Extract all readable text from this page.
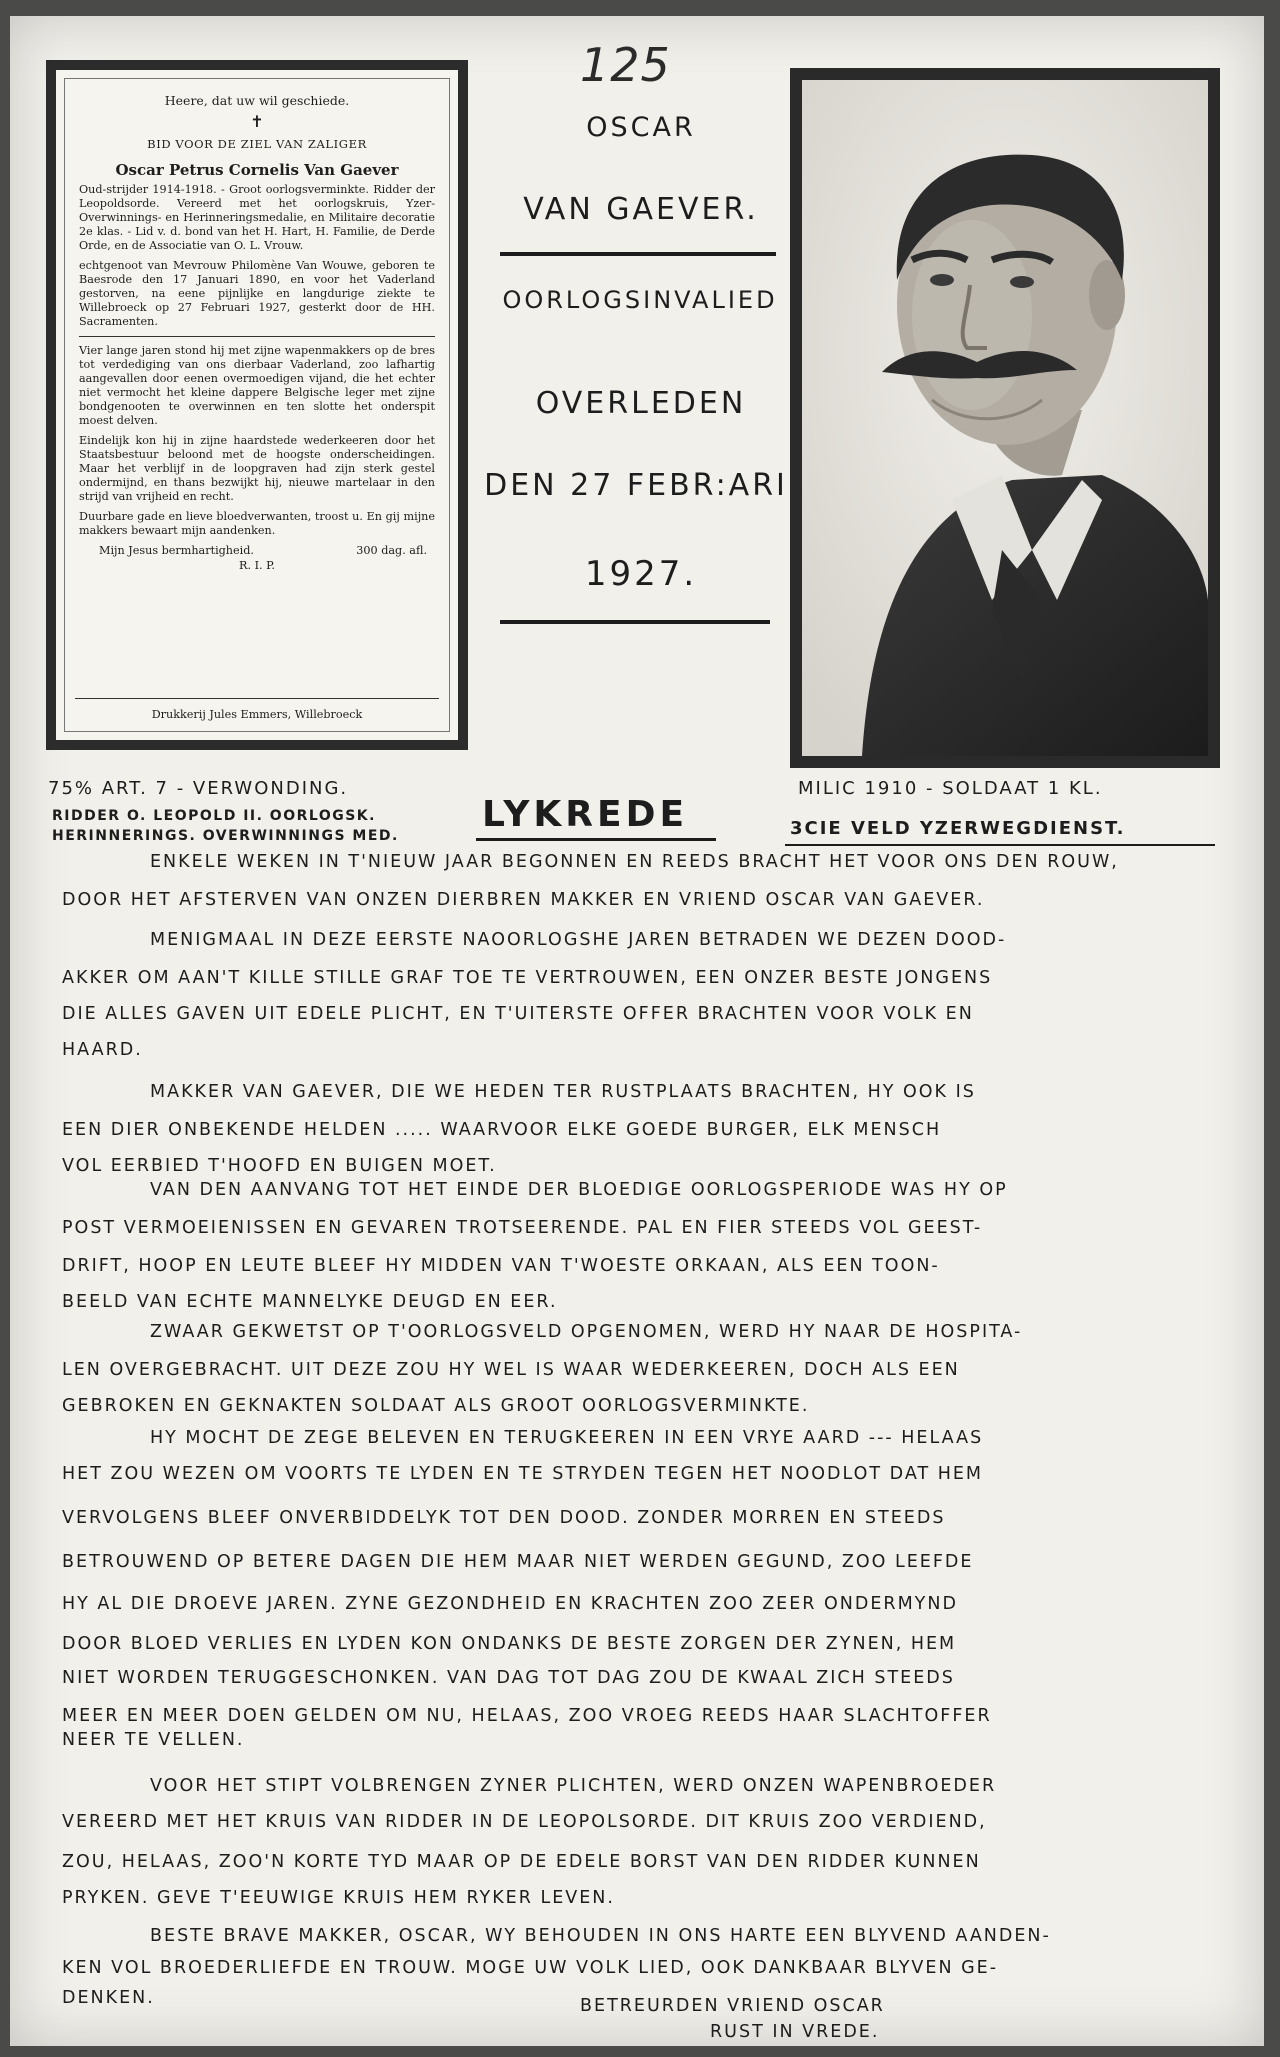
125
Heere, dat uw wil geschiede.
✝
BID VOOR DE ZIEL VAN ZALIGER
Oscar Petrus Cornelis Van Gaever
Oud-strijder 1914-1918. - Groot oorlogsverminkte. Ridder der Leopoldsorde. Vereerd met het oorlogskruis, Yzer- Overwinnings- en Herinneringsmedalie, en Militaire decoratie 2e klas. - Lid v. d. bond van het H. Hart, H. Familie, de Derde Orde, en de Associatie van O. L. Vrouw.
echtgenoot van Mevrouw Philomène Van Wouwe, geboren te Baesrode den 17 Januari 1890, en voor het Vaderland gestorven, na eene pijnlijke en langdurige ziekte te Willebroeck op 27 Februari 1927, gesterkt door de HH. Sacramenten.
Vier lange jaren stond hij met zijne wapenmakkers op de bres tot verdediging van ons dierbaar Vaderland, zoo lafhartig aangevallen door eenen overmoedigen vijand, die het echter niet vermocht het kleine dappere Belgische leger met zijne bondgenooten te overwinnen en ten slotte het onderspit moest delven.
Eindelijk kon hij in zijne haardstede wederkeeren door het Staatsbestuur beloond met de hoogste onderscheidingen. Maar het verblijf in de loopgraven had zijn sterk gestel ondermijnd, en thans bezwijkt hij, nieuwe martelaar in den strijd van vrijheid en recht.
Duurbare gade en lieve bloedverwanten, troost u. En gij mijne makkers bewaart mijn aandenken.
Mijn Jesus bermhartigheid.	300 dag. afl.
R. I. P.
Drukkerij Jules Emmers, Willebroeck
OSCAR
VAN GAEVER.
OORLOGSINVALIED
OVERLEDEN
DEN 27 FEBR:ARI
1927.
75% ART. 7 - VERWONDING.
RIDDER O. LEOPOLD II. OORLOGSK.
HERINNERINGS. OVERWINNINGS MED.
LYKREDE
MILIC 1910 - SOLDAAT 1 KL.
3CIE VELD YZERWEGDIENST.
ENKELE WEKEN IN T'NIEUW JAAR BEGONNEN EN REEDS BRACHT HET VOOR ONS DEN ROUW,
DOOR HET AFSTERVEN VAN ONZEN DIERBREN MAKKER EN VRIEND OSCAR VAN GAEVER.
MENIGMAAL IN DEZE EERSTE NAOORLOGSHE JAREN BETRADEN WE DEZEN DOOD-
AKKER OM AAN'T KILLE STILLE GRAF TOE TE VERTROUWEN, EEN ONZER BESTE JONGENS
DIE ALLES GAVEN UIT EDELE PLICHT, EN T'UITERSTE OFFER BRACHTEN VOOR VOLK EN
HAARD.
MAKKER VAN GAEVER, DIE WE HEDEN TER RUSTPLAATS BRACHTEN, HY OOK IS
EEN DIER ONBEKENDE HELDEN ..... WAARVOOR ELKE GOEDE BURGER, ELK MENSCH
VOL EERBIED T'HOOFD EN BUIGEN MOET.
VAN DEN AANVANG TOT HET EINDE DER BLOEDIGE OORLOGSPERIODE WAS HY OP
POST VERMOEIENISSEN EN GEVAREN TROTSEERENDE. PAL EN FIER STEEDS VOL GEEST-
DRIFT, HOOP EN LEUTE BLEEF HY MIDDEN VAN T'WOESTE ORKAAN, ALS EEN TOON-
BEELD VAN ECHTE MANNELYKE DEUGD EN EER.
ZWAAR GEKWETST OP T'OORLOGSVELD OPGENOMEN, WERD HY NAAR DE HOSPITA-
LEN OVERGEBRACHT. UIT DEZE ZOU HY WEL IS WAAR WEDERKEEREN, DOCH ALS EEN
GEBROKEN EN GEKNAKTEN SOLDAAT ALS GROOT OORLOGSVERMINKTE.
HY MOCHT DE ZEGE BELEVEN EN TERUGKEEREN IN EEN VRYE AARD --- HELAAS
HET ZOU WEZEN OM VOORTS TE LYDEN EN TE STRYDEN TEGEN HET NOODLOT DAT HEM
VERVOLGENS BLEEF ONVERBIDDELYK TOT DEN DOOD. ZONDER MORREN EN STEEDS
BETROUWEND OP BETERE DAGEN DIE HEM MAAR NIET WERDEN GEGUND, ZOO LEEFDE
HY AL DIE DROEVE JAREN. ZYNE GEZONDHEID EN KRACHTEN ZOO ZEER ONDERMYND
DOOR BLOED VERLIES EN LYDEN KON ONDANKS DE BESTE ZORGEN DER ZYNEN, HEM
NIET WORDEN TERUGGESCHONKEN. VAN DAG TOT DAG ZOU DE KWAAL ZICH STEEDS
MEER EN MEER DOEN GELDEN OM NU, HELAAS, ZOO VROEG REEDS HAAR SLACHTOFFER
NEER TE VELLEN.
VOOR HET STIPT VOLBRENGEN ZYNER PLICHTEN, WERD ONZEN WAPENBROEDER
VEREERD MET HET KRUIS VAN RIDDER IN DE LEOPOLSORDE. DIT KRUIS ZOO VERDIEND,
ZOU, HELAAS, ZOO'N KORTE TYD MAAR OP DE EDELE BORST VAN DEN RIDDER KUNNEN
PRYKEN. GEVE T'EEUWIGE KRUIS HEM RYKER LEVEN.
BESTE BRAVE MAKKER, OSCAR, WY BEHOUDEN IN ONS HARTE EEN BLYVEND AANDEN-
KEN VOL BROEDERLIEFDE EN TROUW. MOGE UW VOLK LIED, OOK DANKBAAR BLYVEN GE-
DENKEN.	BETREURDEN VRIEND OSCAR
RUST IN VREDE.
